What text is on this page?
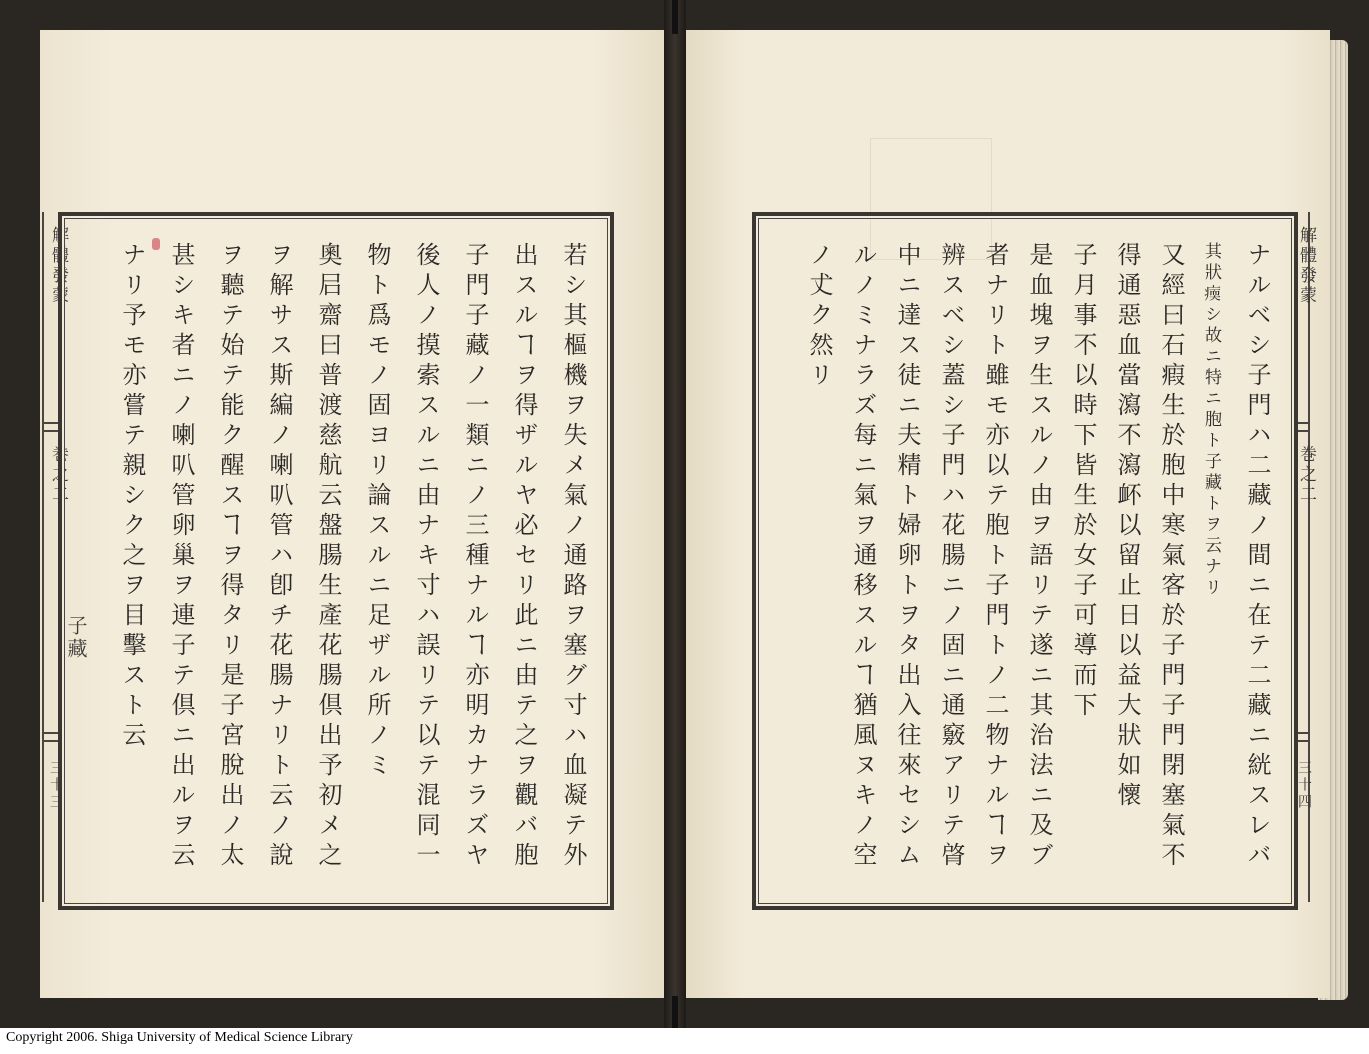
解體發蒙
巻之二
子藏
三十三	若シ其樞機ヲ失メ氣ノ通路ヲ塞グ寸ハ血凝テ外
出スルヿヲ得ザルヤ必セリ此ニ由テ之ヲ觀バ胞
子門子藏ノ一類ニノ三種ナルヿ亦明カナラズヤ
後人ノ摸索スルニ由ナキ寸ハ誤リテ以テ混同一
物ト爲モノ固ヨリ論スルニ足ザル所ノミ
奧𡰪齋曰普渡慈航云盤腸生產花腸倶出予初メ之
ヲ解サス斯編ノ喇叭管ハ卽チ花腸ナリト云ノ說
ヲ聽テ始テ能ク醒スヿヲ得タリ是子宮脫出ノ太
甚シキ者ニノ喇叭管卵巢ヲ連子テ倶ニ出ルヲ云
ナリ予モ亦嘗テ親シク之ヲ目擊スト云	解體發蒙
巻之二
三十四
ナルベシ子門ハ二藏ノ間ニ在テ二藏ニ絖スレバ
其狀𤸂シ故ニ特ニ胞ト子藏トヲ云ナリ
又經曰石瘕生於胞中寒氣客於子門子門閉塞氣不
得通惡血當瀉不瀉衃以留止日以益大狀如懷
子月事不以時下皆生於女子可導而下
是血塊ヲ生スルノ由ヲ語リテ遂ニ其治法ニ及ブ
者ナリト雖モ亦以テ胞ト子門トノ二物ナルヿヲ
辨スベシ蓋シ子門ハ花腸ニノ固ニ通竅アリテ䏿
中ニ達ス徒ニ夫精ト婦卵トヲタ出入往來セシム
ルノミナラズ每ニ氣ヲ通移スルヿ猶風ヌキノ空
ノ𠀋ク然リ
Copyright 2006. Shiga University of Medical Science Library
